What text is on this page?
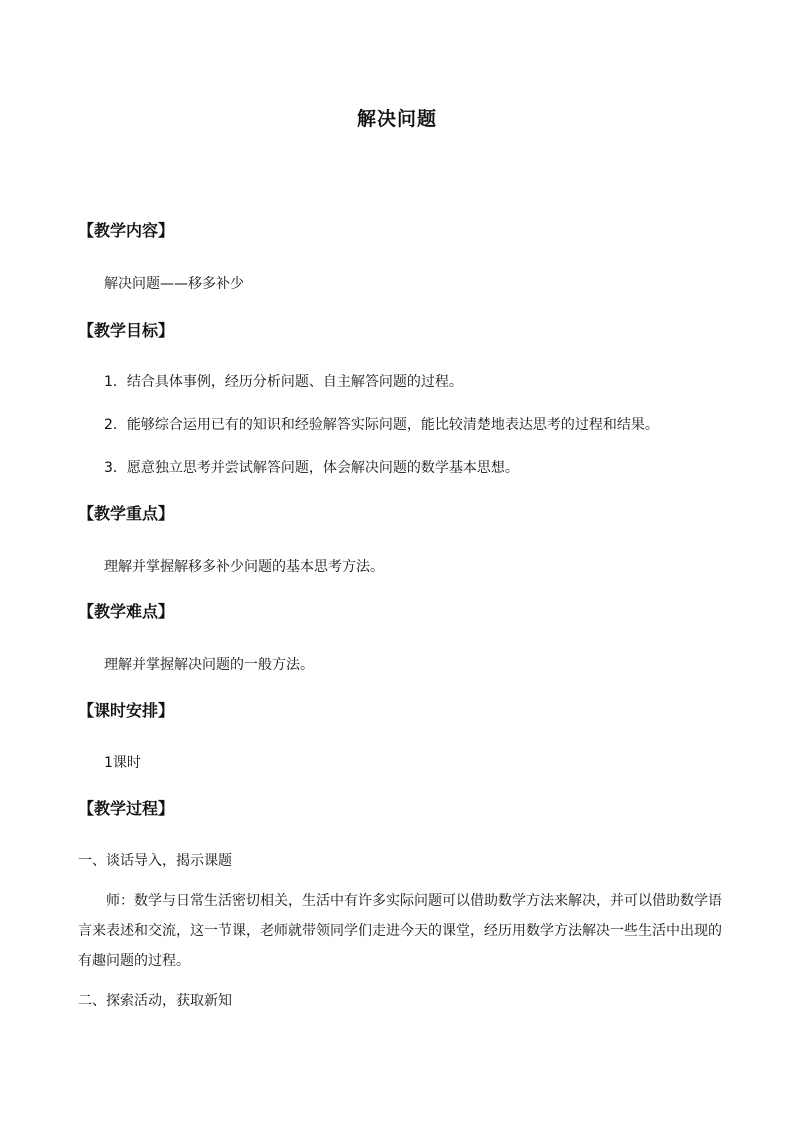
解决问题
【教学内容】
解决问题——移多补少
【教学目标】
1．结合具体事例，经历分析问题、自主解答问题的过程。
2．能够综合运用已有的知识和经验解答实际问题，能比较清楚地表达思考的过程和结果。
3．愿意独立思考并尝试解答问题，体会解决问题的数学基本思想。
【教学重点】
理解并掌握解移多补少问题的基本思考方法。
【教学难点】
理解并掌握解决问题的一般方法。
【课时安排】
1课时
【教学过程】
一、谈话导入，揭示课题
师：数学与日常生活密切相关，生活中有许多实际问题可以借助数学方法来解决，并可以借助数学语言来表述和交流，这一节课，老师就带领同学们走进今天的课堂，经历用数学方法解决一些生活中出现的有趣问题的过程。
二、探索活动，获取新知
